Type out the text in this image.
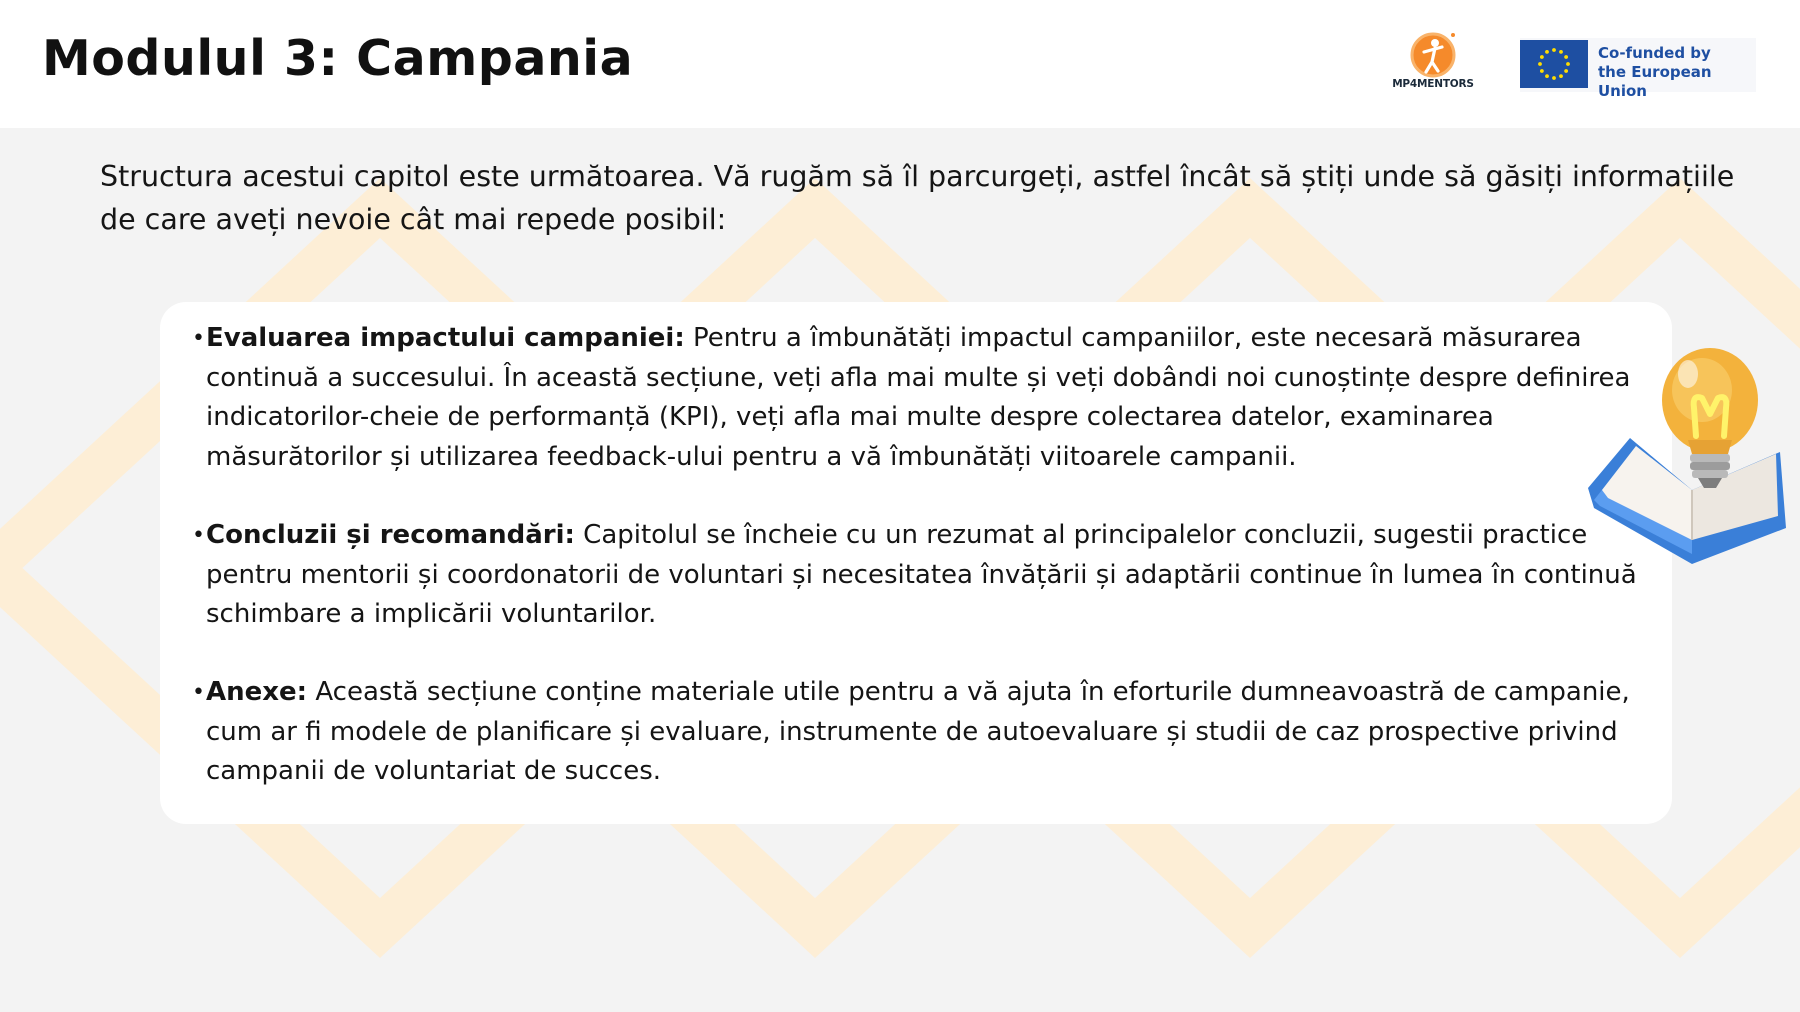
Modulul 3: Campania	MP4MENTORS
Co-funded by
the European Union
Structura acestui capitol este următoarea. Vă rugăm să îl parcurgeți, astfel încât să știți unde să găsiți informațiile de care aveți nevoie cât mai repede posibil:
• Evaluarea impactului campaniei: Pentru a îmbunătăți impactul campaniilor, este necesară măsurarea continuă a succesului. În această secțiune, veți afla mai multe și veți dobândi noi cunoștințe despre definirea indicatorilor-cheie de performanță (KPI), veți afla mai multe despre colectarea datelor, examinarea măsurătorilor și utilizarea feedback-ului pentru a vă îmbunătăți viitoarele campanii.
• Concluzii și recomandări: Capitolul se încheie cu un rezumat al principalelor concluzii, sugestii practice pentru mentorii și coordonatorii de voluntari și necesitatea învățării și adaptării continue în lumea în continuă schimbare a implicării voluntarilor.
• Anexe: Această secțiune conține materiale utile pentru a vă ajuta în eforturile dumneavoastră de campanie, cum ar fi modele de planificare și evaluare, instrumente de autoevaluare și studii de caz prospective privind campanii de voluntariat de succes.
